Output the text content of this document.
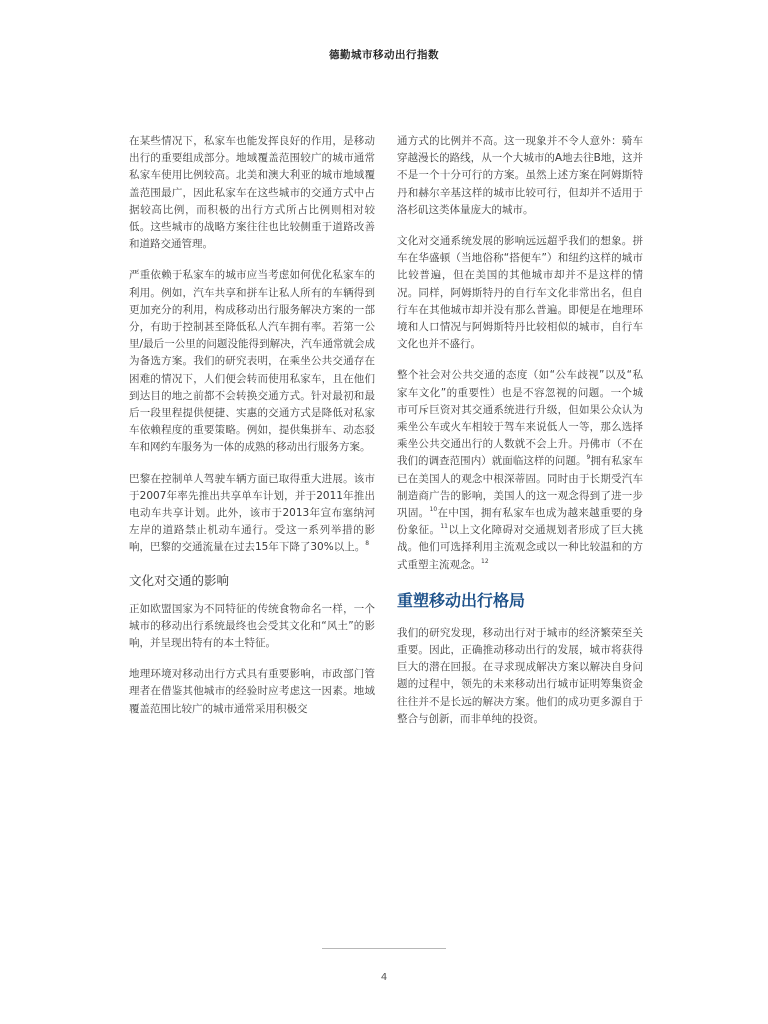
德勤城市移动出行指数

在某些情况下，私家车也能发挥良好的作用，是移动出行的重要组成部分。地域覆盖范围较广的城市通常私家车使用比例较高。北美和澳大利亚的城市地域覆盖范围最广，因此私家车在这些城市的交通方式中占据较高比例，而积极的出行方式所占比例则相对较低。这些城市的战略方案往往也比较侧重于道路改善和道路交通管理。

严重依赖于私家车的城市应当考虑如何优化私家车的利用。例如，汽车共享和拼车让私人所有的车辆得到更加充分的利用，构成移动出行服务解决方案的一部分，有助于控制甚至降低私人汽车拥有率。若第一公里/最后一公里的问题没能得到解决，汽车通常就会成为备选方案。我们的研究表明，在乘坐公共交通存在困难的情况下，人们便会转而使用私家车，且在他们到达目的地之前都不会转换交通方式。针对最初和最后一段里程提供便捷、实惠的交通方式是降低对私家车依赖程度的重要策略。例如，提供集拼车、动态驳车和网约车服务为一体的成熟的移动出行服务方案。

巴黎在控制单人驾驶车辆方面已取得重大进展。该市于2007年率先推出共享单车计划，并于2011年推出电动车共享计划。此外，该市于2013年宣布塞纳河左岸的道路禁止机动车通行。受这一系列举措的影响，巴黎的交通流量在过去15年下降了30%以上。$^8$

文化对交通的影响

正如欧盟国家为不同特征的传统食物命名一样，一个城市的移动出行系统最终也会受其文化和“风土”的影响，并呈现出特有的本土特征。

地理环境对移动出行方式具有重要影响，市政部门管理者在借鉴其他城市的经验时应考虑这一因素。地域覆盖范围比较广的城市通常采用积极交

通方式的比例并不高。这一现象并不令人意外：骑车穿越漫长的路线，从一个大城市的A地去往B地，这并不是一个十分可行的方案。虽然上述方案在阿姆斯特丹和赫尔辛基这样的城市比较可行，但却并不适用于洛杉矶这类体量庞大的城市。

文化对交通系统发展的影响远远超乎我们的想象。拼车在华盛顿（当地俗称“搭便车”）和纽约这样的城市比较普遍，但在美国的其他城市却并不是这样的情况。同样，阿姆斯特丹的自行车文化非常出名，但自行车在其他城市却并没有那么普遍。即便是在地理环境和人口情况与阿姆斯特丹比较相似的城市，自行车文化也并不盛行。

整个社会对公共交通的态度（如“公车歧视”以及“私家车文化”的重要性）也是不容忽视的问题。一个城市可斥巨资对其交通系统进行升级，但如果公众认为乘坐公车或火车相较于驾车来说低人一等，那么选择乘坐公共交通出行的人数就不会上升。丹佛市（不在我们的调查范围内）就面临这样的问题。$^9$拥有私家车已在美国人的观念中根深蒂固。同时由于长期受汽车制造商广告的影响，美国人的这一观念得到了进一步巩固。$^{10}$在中国，拥有私家车也成为越来越重要的身份象征。$^{11}$以上文化障碍对交通规划者形成了巨大挑战。他们可选择利用主流观念或以一种比较温和的方式重塑主流观念。$^{12}$

重塑移动出行格局

我们的研究发现，移动出行对于城市的经济繁荣至关重要。因此，正确推动移动出行的发展，城市将获得巨大的潜在回报。在寻求现成解决方案以解决自身问题的过程中，领先的未来移动出行城市证明筹集资金往往并不是长远的解决方案。他们的成功更多源自于整合与创新，而非单纯的投资。

4
